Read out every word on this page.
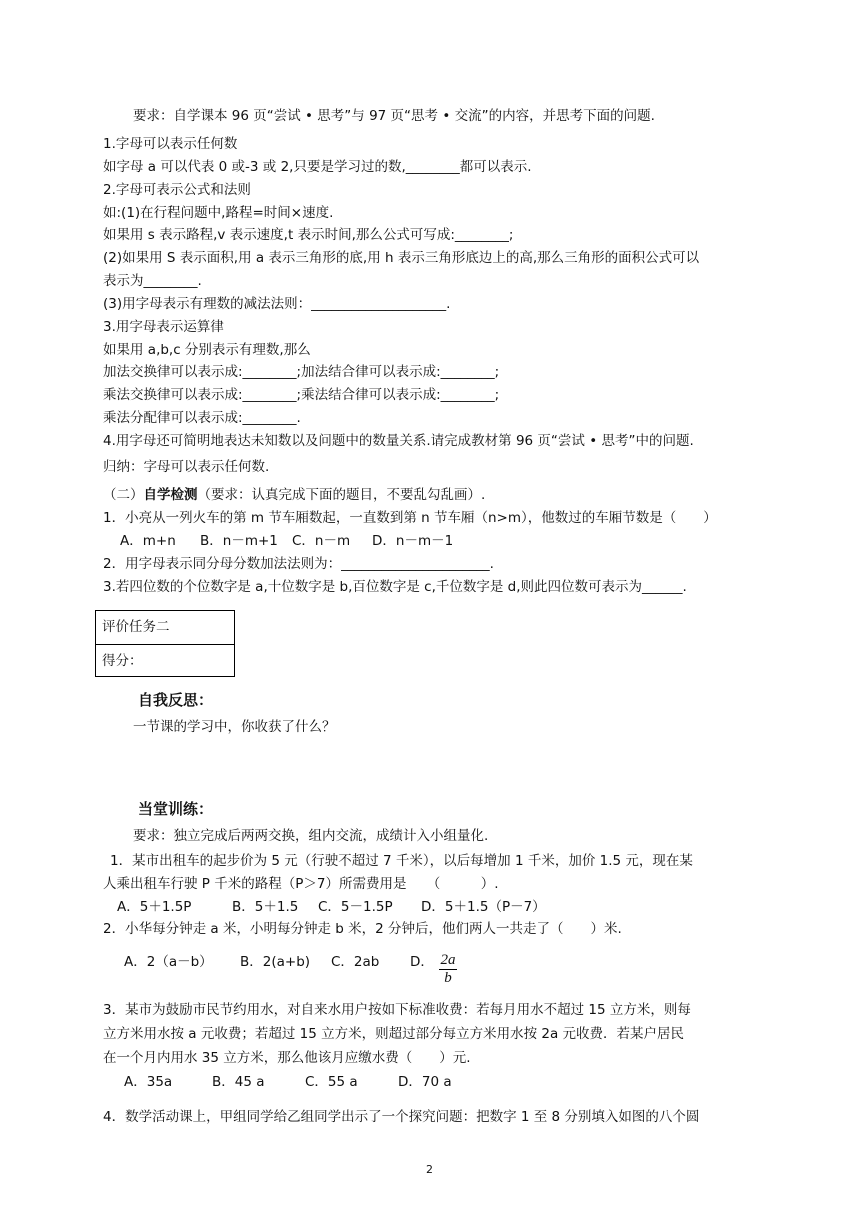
要求：自学课本 96 页“尝试 • 思考”与 97 页“思考 • 交流”的内容，并思考下面的问题.
1.字母可以表示任何数
如字母 a 可以代表 0 或-3 或 2,只要是学习过的数,________都可以表示.
2.字母可表示公式和法则
如:(1)在行程问题中,路程=时间×速度.
如果用 s 表示路程,v 表示速度,t 表示时间,那么公式可写成:________;
(2)如果用 S 表示面积,用 a 表示三角形的底,用 h 表示三角形底边上的高,那么三角形的面积公式可以
表示为________.
(3)用字母表示有理数的减法法则：____________________.
3.用字母表示运算律
如果用 a,b,c 分别表示有理数,那么
加法交换律可以表示成:________;加法结合律可以表示成:________;
乘法交换律可以表示成:________;乘法结合律可以表示成:________;
乘法分配律可以表示成:________.
4.用字母还可简明地表达未知数以及问题中的数量关系.请完成教材第 96 页“尝试 • 思考”中的问题.
归纳：字母可以表示任何数.
（二）自学检测（要求：认真完成下面的题目，不要乱勾乱画）.
1．小亮从一列火车的第 m 节车厢数起，一直数到第 n 节车厢（n>m），他数过的车厢节数是（　　）
A．m+n B．n－m+1 C．n－m D．n－m－1
2．用字母表示同分母分数加法法则为：______________________.
3.若四位数的个位数字是 a,十位数字是 b,百位数字是 c,千位数字是 d,则此四位数可表示为______.
评价任务二
得分：
自我反思：
一节课的学习中，你收获了什么？
当堂训练：
要求：独立完成后两两交换，组内交流，成绩计入小组量化.
1．某市出租车的起步价为 5 元（行驶不超过 7 千米），以后每增加 1 千米，加价 1.5 元，现在某
人乘出租车行驶 P 千米的路程（P＞7）所需费用是　　（　　　）.
A．5＋1.5P	B．5＋1.5 C．5－1.5P D．5＋1.5（P－7）
2．小华每分钟走 a 米，小明每分钟走 b 米，2 分钟后，他们两人一共走了（　　）米.
A．2（a－b） B．2(a+b) C．2ab D． 2a
b
3．某市为鼓励市民节约用水，对自来水用户按如下标准收费：若每月用水不超过 15 立方米，则每
立方米用水按 a 元收费；若超过 15 立方米，则超过部分每立方米用水按 2a 元收费．若某户居民
在一个月内用水 35 立方米，那么他该月应缴水费（　　）元.
A．35a	B．45 a	C．55 a	D．70 a
4．数学活动课上，甲组同学给乙组同学出示了一个探究问题：把数字 1 至 8 分别填入如图的八个圆
2
